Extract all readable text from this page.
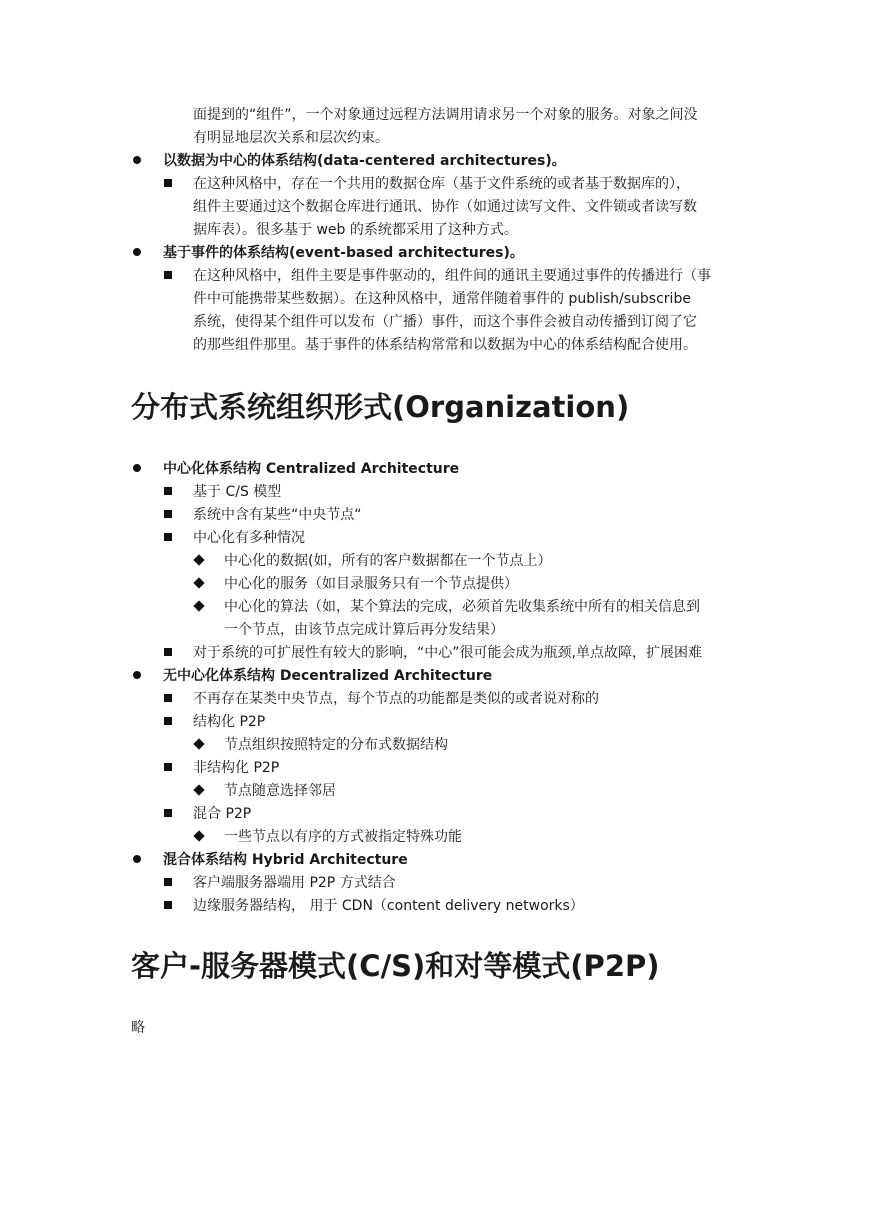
面提到的“组件”，一个对象通过远程方法调用请求另一个对象的服务。对象之间没
有明显地层次关系和层次约束。
以数据为中心的体系结构(data-centered architectures)。
在这种风格中，存在一个共用的数据仓库（基于文件系统的或者基于数据库的），
组件主要通过这个数据仓库进行通讯、协作（如通过读写文件、文件锁或者读写数
据库表）。很多基于 web 的系统都采用了这种方式。
基于事件的体系结构(event-based architectures)。
在这种风格中，组件主要是事件驱动的，组件间的通讯主要通过事件的传播进行（事
件中可能携带某些数据）。在这种风格中，通常伴随着事件的 publish/subscribe
系统，使得某个组件可以发布（广播）事件，而这个事件会被自动传播到订阅了它
的那些组件那里。基于事件的体系结构常常和以数据为中心的体系结构配合使用。
分布式系统组织形式(Organization)
中心化体系结构 Centralized Architecture
基于 C/S 模型
系统中含有某些“中央节点“
中心化有多种情况
中心化的数据(如，所有的客户数据都在一个节点上）
中心化的服务（如目录服务只有一个节点提供）
中心化的算法（如，某个算法的完成，必须首先收集系统中所有的相关信息到
一个节点，由该节点完成计算后再分发结果）
对于系统的可扩展性有较大的影响，“中心”很可能会成为瓶颈,单点故障，扩展困难
无中心化体系结构 Decentralized Architecture
不再存在某类中央节点，每个节点的功能都是类似的或者说对称的
结构化 P2P
节点组织按照特定的分布式数据结构
非结构化 P2P
节点随意选择邻居
混合 P2P
一些节点以有序的方式被指定特殊功能
混合体系结构 Hybrid Architecture
客户端服务器端用 P2P 方式结合
边缘服务器结构， 用于 CDN（content delivery networks）
客户-服务器模式(C/S)和对等模式(P2P)
略
